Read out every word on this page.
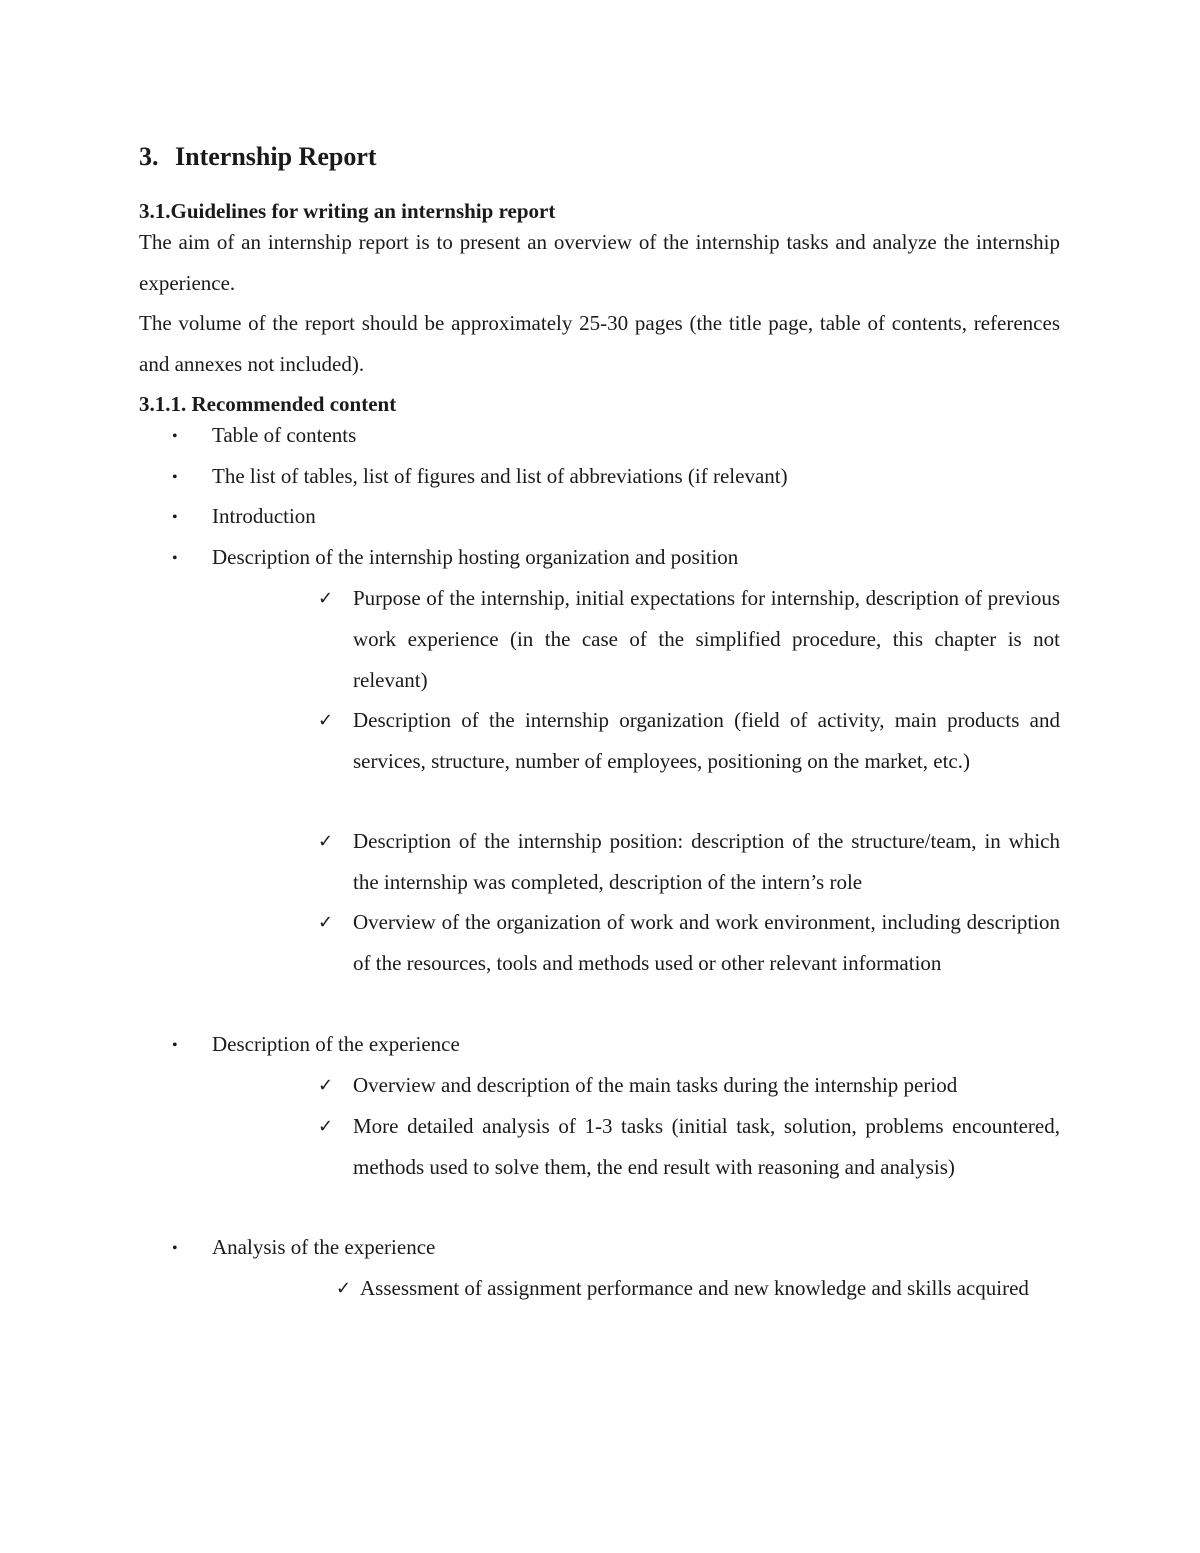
3. Internship Report
3.1.Guidelines for writing an internship report
The aim of an internship report is to present an overview of the internship tasks and analyze the internship experience.
The volume of the report should be approximately 25-30 pages (the title page, table of contents, references and annexes not included).
3.1.1. Recommended content
• Table of contents
• The list of tables, list of figures and list of abbreviations (if relevant)
• Introduction
• Description of the internship hosting organization and position
✓ Purpose of the internship, initial expectations for internship, description of previous work experience (in the case of the simplified procedure, this chapter is not relevant)
✓ Description of the internship organization (field of activity, main products and services, structure, number of employees, positioning on the market, etc.)
✓ Description of the internship position: description of the structure/team, in which the internship was completed, description of the intern’s role
✓ Overview of the organization of work and work environment, including description of the resources, tools and methods used or other relevant information
• Description of the experience
✓ Overview and description of the main tasks during the internship period
✓ More detailed analysis of 1-3 tasks (initial task, solution, problems encountered, methods used to solve them, the end result with reasoning and analysis)
• Analysis of the experience
✓ Assessment of assignment performance and new knowledge and skills acquired
